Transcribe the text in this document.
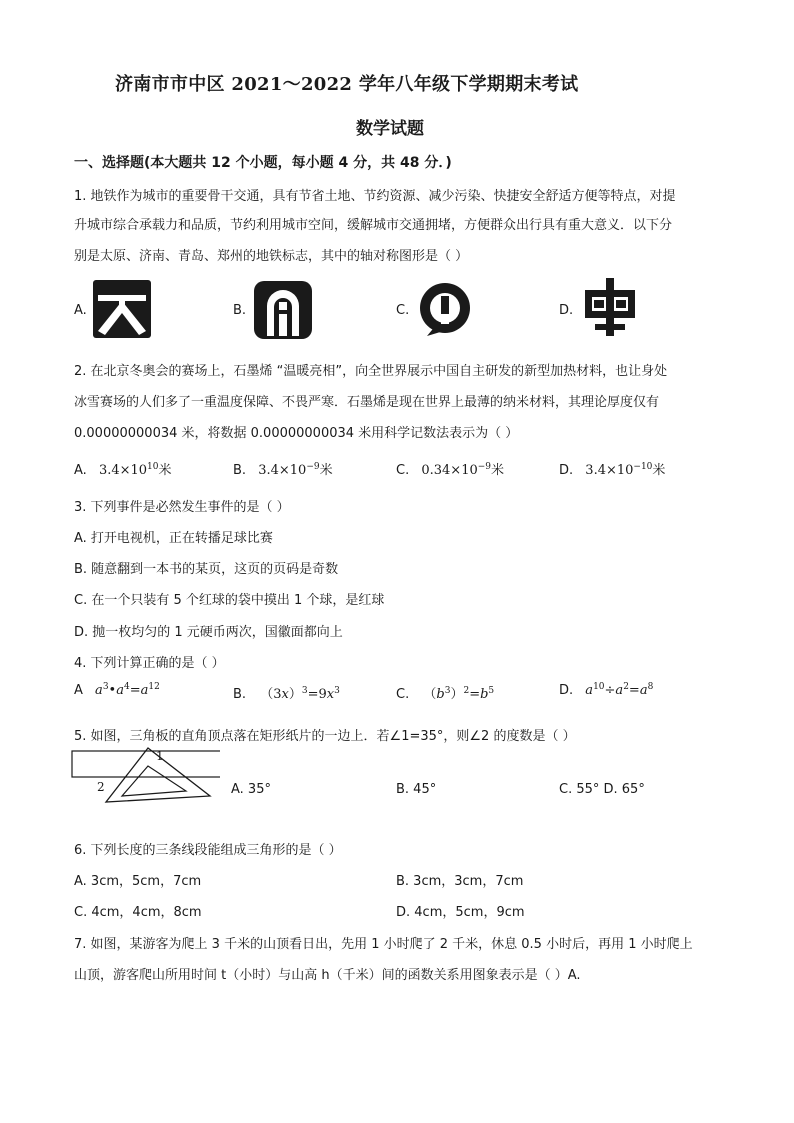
济南市市中区 2021～2022 学年八年级下学期期末考试
数学试题
一、选择题(本大题共 12 个小题，每小题 4 分，共 48 分．)
1. 地铁作为城市的重要骨干交通，具有节省土地、节约资源、减少污染、快捷安全舒适方便等特点，对提
升城市综合承载力和品质，节约利用城市空间，缓解城市交通拥堵，方便群众出行具有重大意义．以下分
别是太原、济南、青岛、郑州的地铁标志，其中的轴对称图形是（ ）
A.	B.	C.	D.
2. 在北京冬奥会的赛场上，石墨烯 “温暖亮相”，向全世界展示中国自主研发的新型加热材料，也让身处
冰雪赛场的人们多了一重温度保障、不畏严寒．石墨烯是现在世界上最薄的纳米材料，其理论厚度仅有
0.00000000034 米，将数据 0.00000000034 米用科学记数法表示为（ ）
A. $3.4\times 10^{10}$米	B. $3.4\times 10^{-9}$米	C. $0.34\times 10^{-9}$米	D. $3.4\times 10^{-10}$米
3. 下列事件是必然发生事件的是（ ）
A. 打开电视机，正在转播足球比赛
B. 随意翻到一本书的某页，这页的页码是奇数
C. 在一个只装有 5 个红球的袋中摸出 1 个球，是红球
D. 抛一枚均匀的 1 元硬币两次，国徽面都向上
4. 下列计算正确的是（ ）
A $a^3•a^4=a^{12}$	B. $(3x)^3=9x^3$	C. $(b^3)^2=b^5$	D. $a^{10}\div a^2=a^8$
5. 如图，三角板的直角顶点落在矩形纸片的一边上．若∠1=35°，则∠2 的度数是（ ）
1
2	A. 35°	B. 45°	C. 55° D. 65°
6. 下列长度的三条线段能组成三角形的是（ ）
A. 3cm，5cm，7cm	B. 3cm，3cm，7cm
C. 4cm，4cm，8cm	D. 4cm，5cm，9cm
7. 如图，某游客为爬上 3 千米的山顶看日出，先用 1 小时爬了 2 千米，休息 0.5 小时后，再用 1 小时爬上
山顶，游客爬山所用时间 t（小时）与山高 h（千米）间的函数关系用图象表示是（ ）A.
